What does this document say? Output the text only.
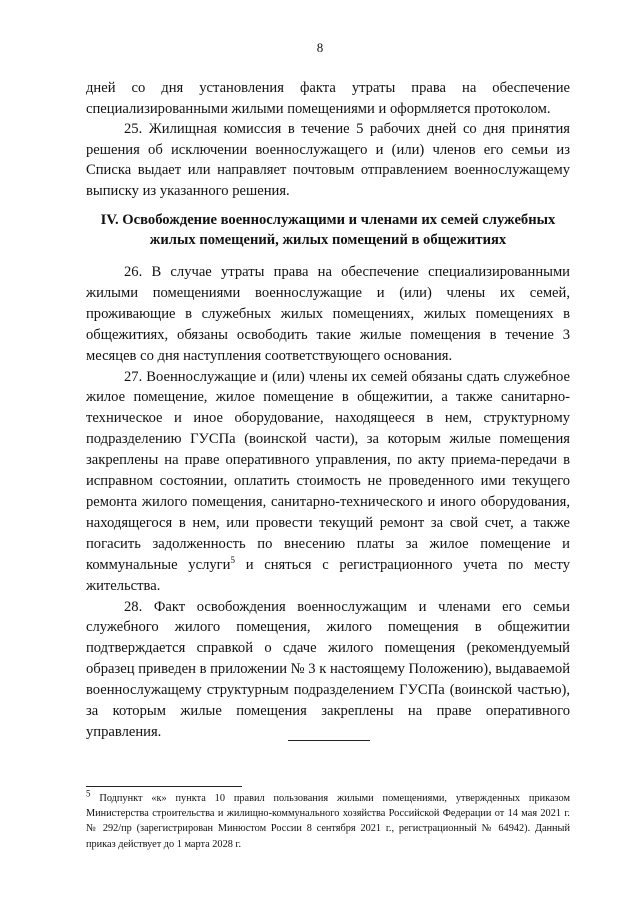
8

дней со дня установления факта утраты права на обеспечение специализированными жилыми помещениями и оформляется протоколом.

25. Жилищная комиссия в течение 5 рабочих дней со дня принятия решения об исключении военнослужащего и (или) членов его семьи из Списка выдает или направляет почтовым отправлением военнослужащему выписку из указанного решения.

IV. Освобождение военнослужащими и членами их семей служебных
жилых помещений, жилых помещений в общежитиях

26. В случае утраты права на обеспечение специализированными жилыми помещениями военнослужащие и (или) члены их семей, проживающие в служебных жилых помещениях, жилых помещениях в общежитиях, обязаны освободить такие жилые помещения в течение 3 месяцев со дня наступления соответствующего основания.

27. Военнослужащие и (или) члены их семей обязаны сдать служебное жилое помещение, жилое помещение в общежитии, а также санитарно-техническое и иное оборудование, находящееся в нем, структурному подразделению ГУСПа (воинской части), за которым жилые помещения закреплены на праве оперативного управления, по акту приема-передачи в исправном состоянии, оплатить стоимость не проведенного ими текущего ремонта жилого помещения, санитарно-технического и иного оборудования, находящегося в нем, или провести текущий ремонт за свой счет, а также погасить задолженность по внесению платы за жилое помещение и коммунальные услуги$^5$ и сняться с регистрационного учета по месту жительства.

28. Факт освобождения военнослужащим и членами его семьи служебного жилого помещения, жилого помещения в общежитии подтверждается справкой о сдаче жилого помещения (рекомендуемый образец приведен в приложении № 3 к настоящему Положению), выдаваемой военнослужащему структурным подразделением ГУСПа (воинской частью), за которым жилые помещения закреплены на праве оперативного управления.

$^5$ Подпункт «к» пункта 10 правил пользования жилыми помещениями, утвержденных приказом Министерства строительства и жилищно-коммунального хозяйства Российской Федерации от 14 мая 2021 г. № 292/пр (зарегистрирован Минюстом России 8 сентября 2021 г., регистрационный № 64942). Данный приказ действует до 1 марта 2028 г.
